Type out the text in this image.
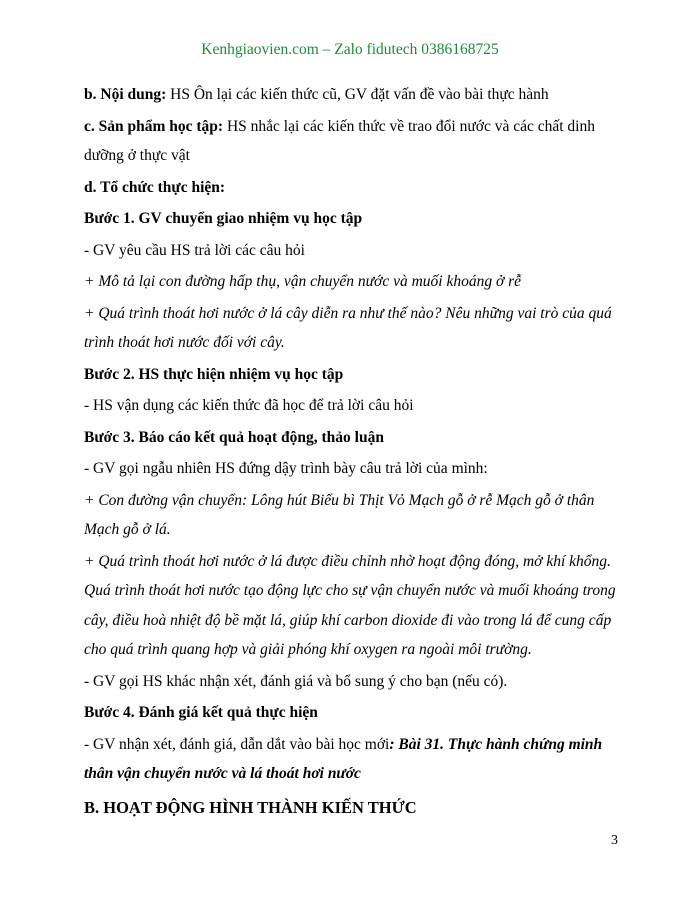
Kenhgiaovien.com – Zalo fidutech 0386168725

b. Nội dung: HS Ôn lại các kiến thức cũ, GV đặt vấn đề vào bài thực hành

c. Sản phẩm học tập: HS nhắc lại các kiến thức về trao đổi nước và các chất dinh dưỡng ở thực vật

d. Tổ chức thực hiện:

Bước 1. GV chuyển giao nhiệm vụ học tập

- GV yêu cầu HS trả lời các câu hỏi

+ Mô tả lại con đường hấp thụ, vận chuyển nước và muối khoáng ở rễ

+ Quá trình thoát hơi nước ở lá cây diễn ra như thế nào? Nêu những vai trò của quá trình thoát hơi nước đối với cây.

Bước 2. HS thực hiện nhiệm vụ học tập

- HS vận dụng các kiến thức đã học để trả lời câu hỏi

Bước 3. Báo cáo kết quả hoạt động, thảo luận

- GV gọi ngẫu nhiên HS đứng dậy trình bày câu trả lời của mình:

+ Con đường vận chuyển: Lông hút Biểu bì Thịt Vỏ Mạch gỗ ở rễ Mạch gỗ ở thân Mạch gỗ ở lá.

+ Quá trình thoát hơi nước ở lá được điều chỉnh nhờ hoạt động đóng, mở khí khổng. Quá trình thoát hơi nước tạo động lực cho sự vận chuyển nước và muối khoáng trong cây, điều hoà nhiệt độ bề mặt lá, giúp khí carbon dioxide đi vào trong lá để cung cấp cho quá trình quang hợp và giải phóng khí oxygen ra ngoài môi trường.

- GV gọi HS khác nhận xét, đánh giá và bổ sung ý cho bạn (nếu có).

Bước 4. Đánh giá kết quả thực hiện

- GV nhận xét, đánh giá, dẫn dắt vào bài học mới: Bài 31. Thực hành chứng minh thân vận chuyển nước và lá thoát hơi nước

B. HOẠT ĐỘNG HÌNH THÀNH KIẾN THỨC

3
